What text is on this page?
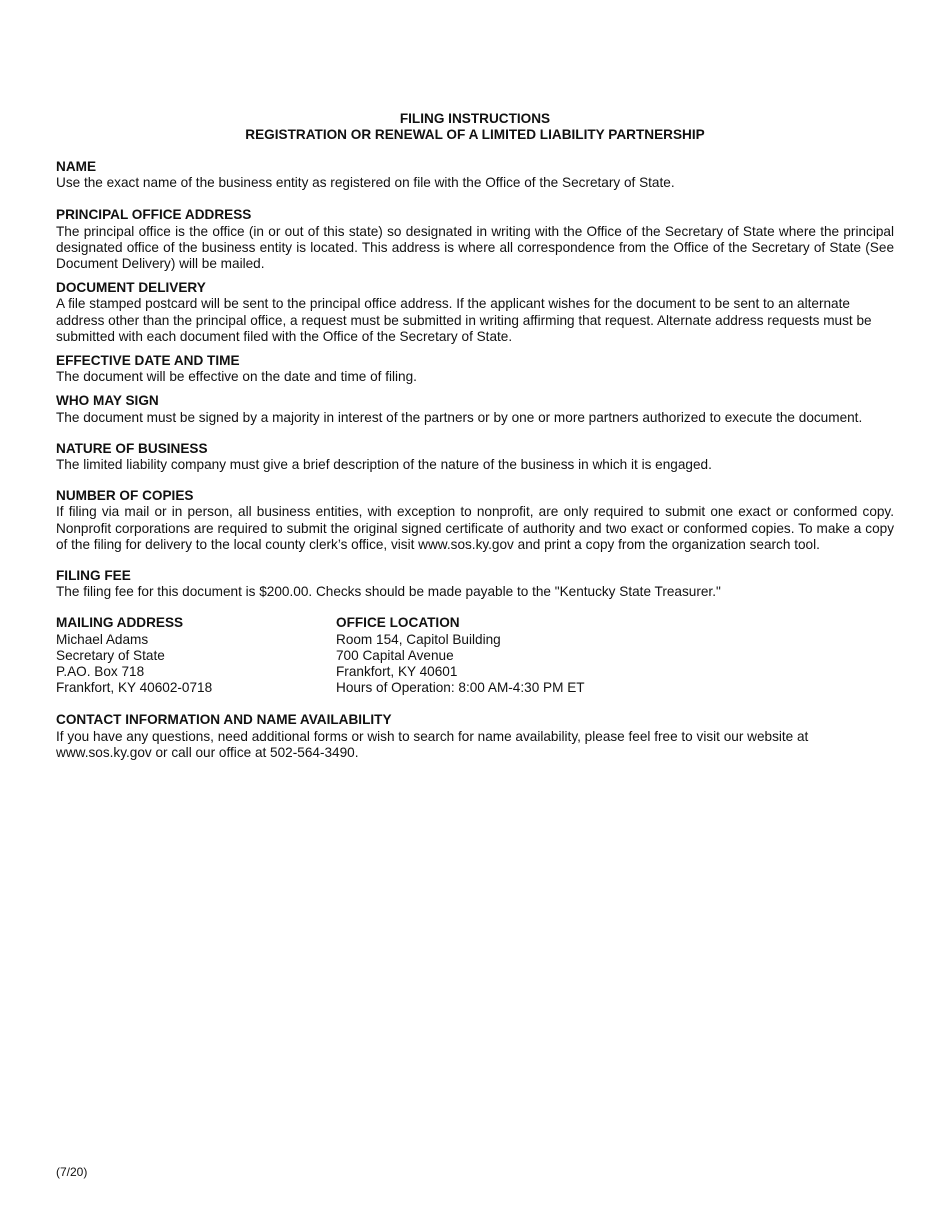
FILING INSTRUCTIONS

REGISTRATION OR RENEWAL OF A LIMITED LIABILITY PARTNERSHIP

NAME

Use the exact name of the business entity as registered on file with the Office of the Secretary of State.

PRINCIPAL OFFICE ADDRESS

The principal office is the office (in or out of this state) so designated in writing with the Office of the Secretary of State where the principal designated office of the business entity is located. This address is where all correspondence from the Office of the Secretary of State (See Document Delivery) will be mailed.

DOCUMENT DELIVERY

A file stamped postcard will be sent to the principal office address. If the applicant wishes for the document to be sent to an alternate address other than the principal office, a request must be submitted in writing affirming that request. Alternate address requests must be submitted with each document filed with the Office of the Secretary of State.

EFFECTIVE DATE AND TIME

The document will be effective on the date and time of filing.

WHO MAY SIGN

The document must be signed by a majority in interest of the partners or by one or more partners authorized to execute the document.

NATURE OF BUSINESS

The limited liability company must give a brief description of the nature of the business in which it is engaged.

NUMBER OF COPIES

If filing via mail or in person, all business entities, with exception to nonprofit, are only required to submit one exact or conformed copy. Nonprofit corporations are required to submit the original signed certificate of authority and two exact or conformed copies. To make a copy of the filing for delivery to the local county clerk’s office, visit www.sos.ky.gov and print a copy from the organization search tool.

FILING FEE

The filing fee for this document is $200.00. Checks should be made payable to the "Kentucky State Treasurer."

MAILING ADDRESS

Michael Adams

Secretary of State

P.AO. Box 718

Frankfort, KY 40602-0718

OFFICE LOCATION

Room 154, Capitol Building

700 Capital Avenue

Frankfort, KY 40601

Hours of Operation: 8:00 AM-4:30 PM ET

CONTACT INFORMATION AND NAME AVAILABILITY

If you have any questions, need additional forms or wish to search for name availability, please feel free to visit our website at

www.sos.ky.gov or call our office at 502-564-3490.

(7/20)
